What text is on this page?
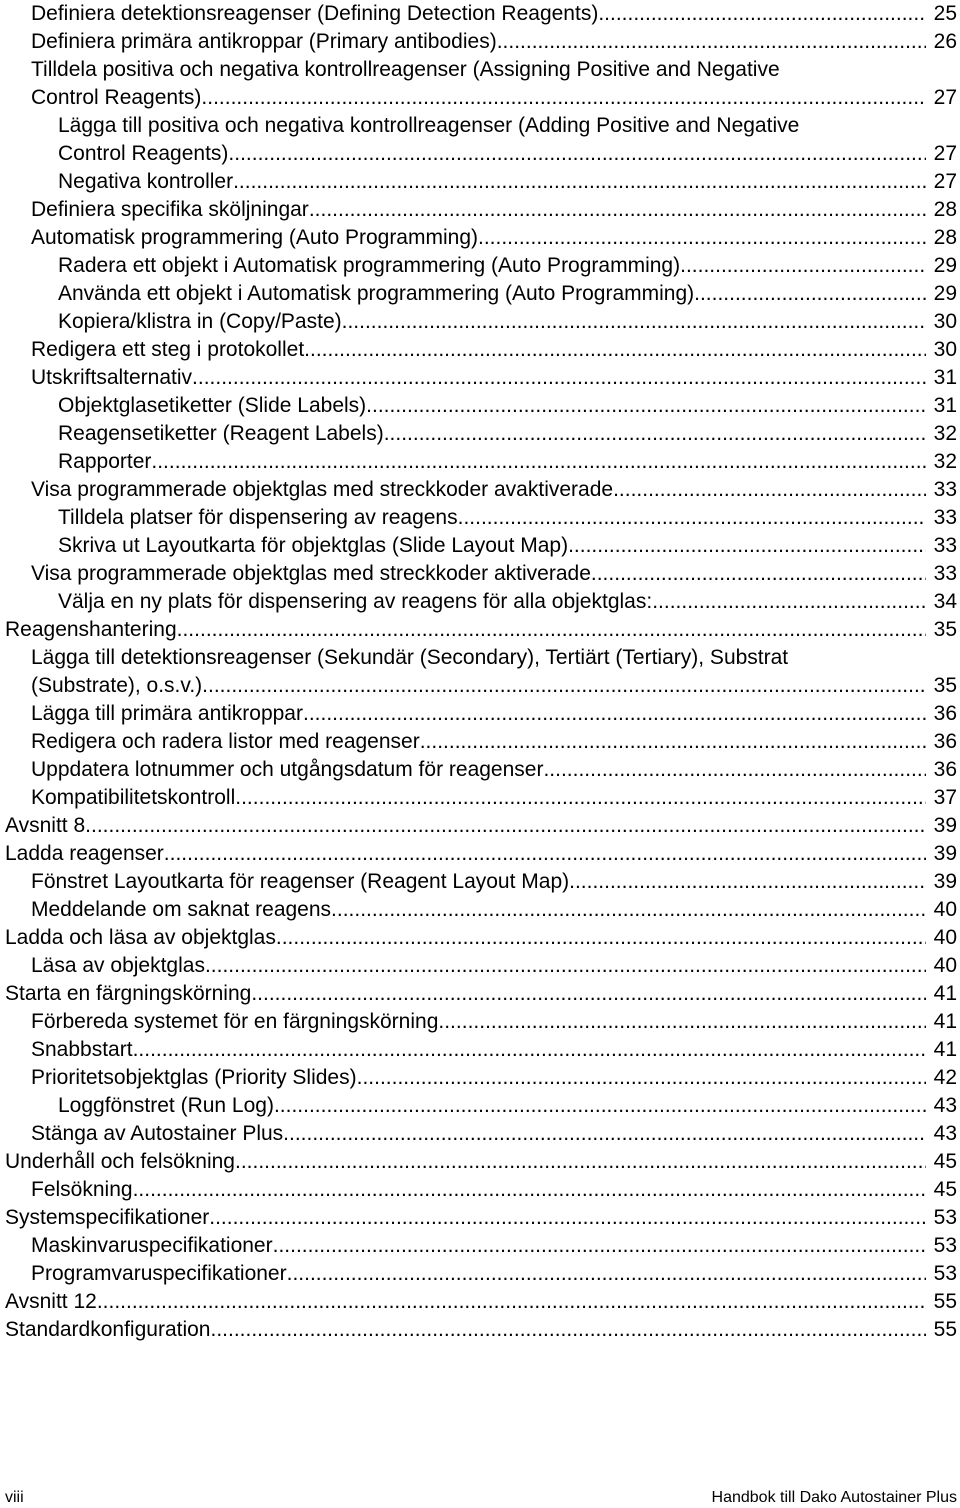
Definiera detektionsreagenser (Defining Detection Reagents) .....	25
Definiera primära antikroppar (Primary antibodies) .....	26
Tilldela positiva och negativa kontrollreagenser (Assigning Positive and Negative
Control Reagents) .....	27
Lägga till positiva och negativa kontrollreagenser (Adding Positive and Negative
Control Reagents) .....	27
Negativa kontroller .....	27
Definiera specifika sköljningar .....	28
Automatisk programmering (Auto Programming) .....	28
Radera ett objekt i Automatisk programmering (Auto Programming) .....	29
Använda ett objekt i Automatisk programmering (Auto Programming) .....	29
Kopiera/klistra in (Copy/Paste) .....	30
Redigera ett steg i protokollet .....	30
Utskriftsalternativ .....	31
Objektglasetiketter (Slide Labels) .....	31
Reagensetiketter (Reagent Labels) .....	32
Rapporter .....	32
Visa programmerade objektglas med streckkoder avaktiverade .....	33
Tilldela platser för dispensering av reagens .....	33
Skriva ut Layoutkarta för objektglas (Slide Layout Map) .....	33
Visa programmerade objektglas med streckkoder aktiverade .....	33
Välja en ny plats för dispensering av reagens för alla objektglas: .....	34
Reagenshantering .....	35
Lägga till detektionsreagenser (Sekundär (Secondary), Tertiärt (Tertiary), Substrat
(Substrate), o.s.v.) .....	35
Lägga till primära antikroppar .....	36
Redigera och radera listor med reagenser .....	36
Uppdatera lotnummer och utgångsdatum för reagenser .....	36
Kompatibilitetskontroll .....	37
Avsnitt 8 .....	39
Ladda reagenser .....	39
Fönstret Layoutkarta för reagenser (Reagent Layout Map) .....	39
Meddelande om saknat reagens .....	40
Ladda och läsa av objektglas .....	40
Läsa av objektglas .....	40
Starta en färgningskörning .....	41
Förbereda systemet för en färgningskörning .....	41
Snabbstart .....	41
Prioritetsobjektglas (Priority Slides) .....	42
Loggfönstret (Run Log) .....	43
Stänga av Autostainer Plus .....	43
Underhåll och felsökning .....	45
Felsökning .....	45
Systemspecifikationer .....	53
Maskinvaruspecifikationer .....	53
Programvaruspecifikationer .....	53
Avsnitt 12 .....	55
Standardkonfiguration .....	55
viii	Handbok till Dako Autostainer Plus
